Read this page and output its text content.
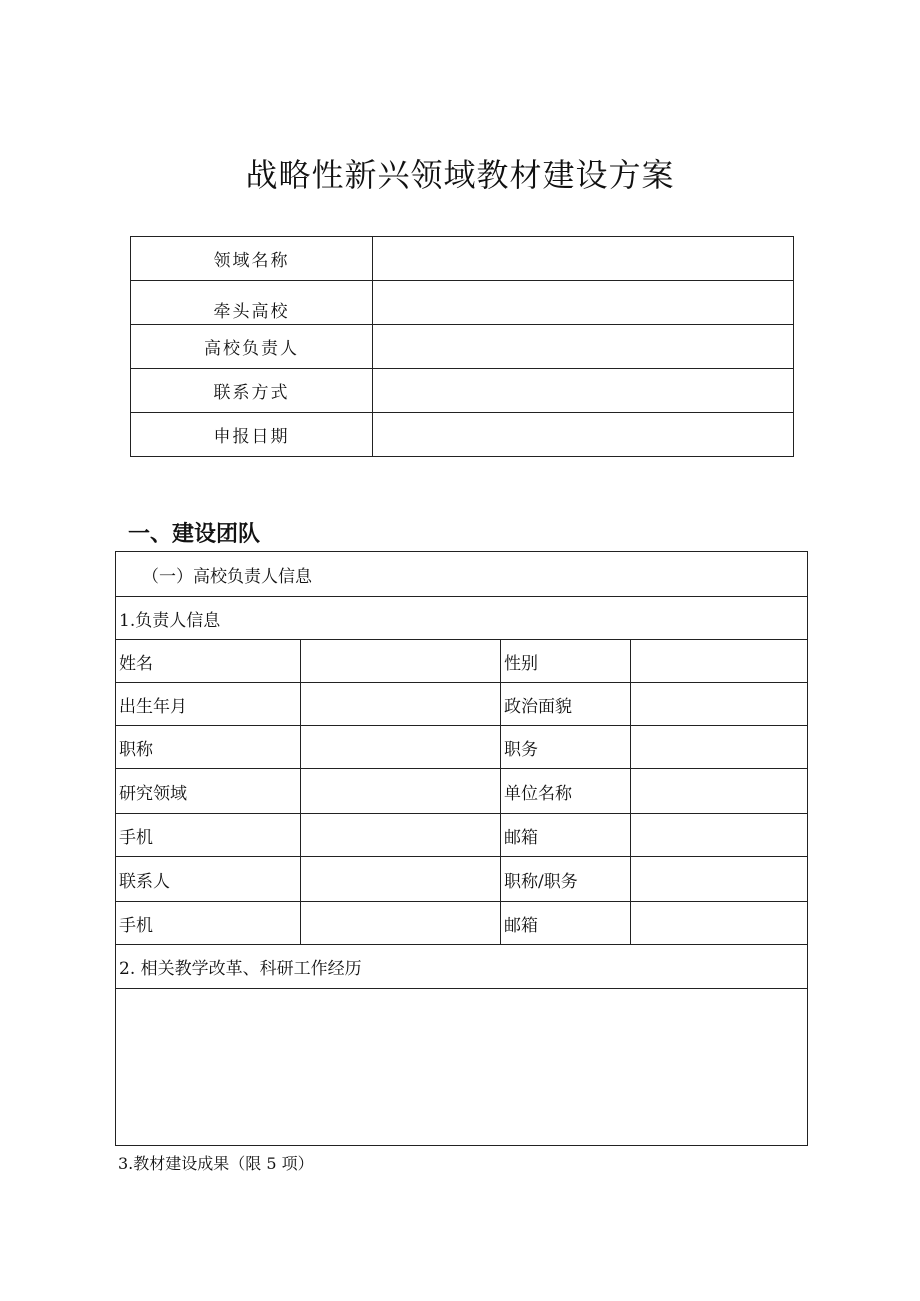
战略性新兴领域教材建设方案
领域名称	
牵头高校	
高校负责人	
联系方式	
申报日期	
一、建设团队
（一）高校负责人信息			
1.负责人信息			
姓名		性别	
出生年月		政治面貌	
职称		职务	
研究领域		单位名称	
手机		邮箱	
联系人		职称/职务	
手机		邮箱	
2. 相关教学改革、科研工作经历			

3.教材建设成果（限 5 项）
